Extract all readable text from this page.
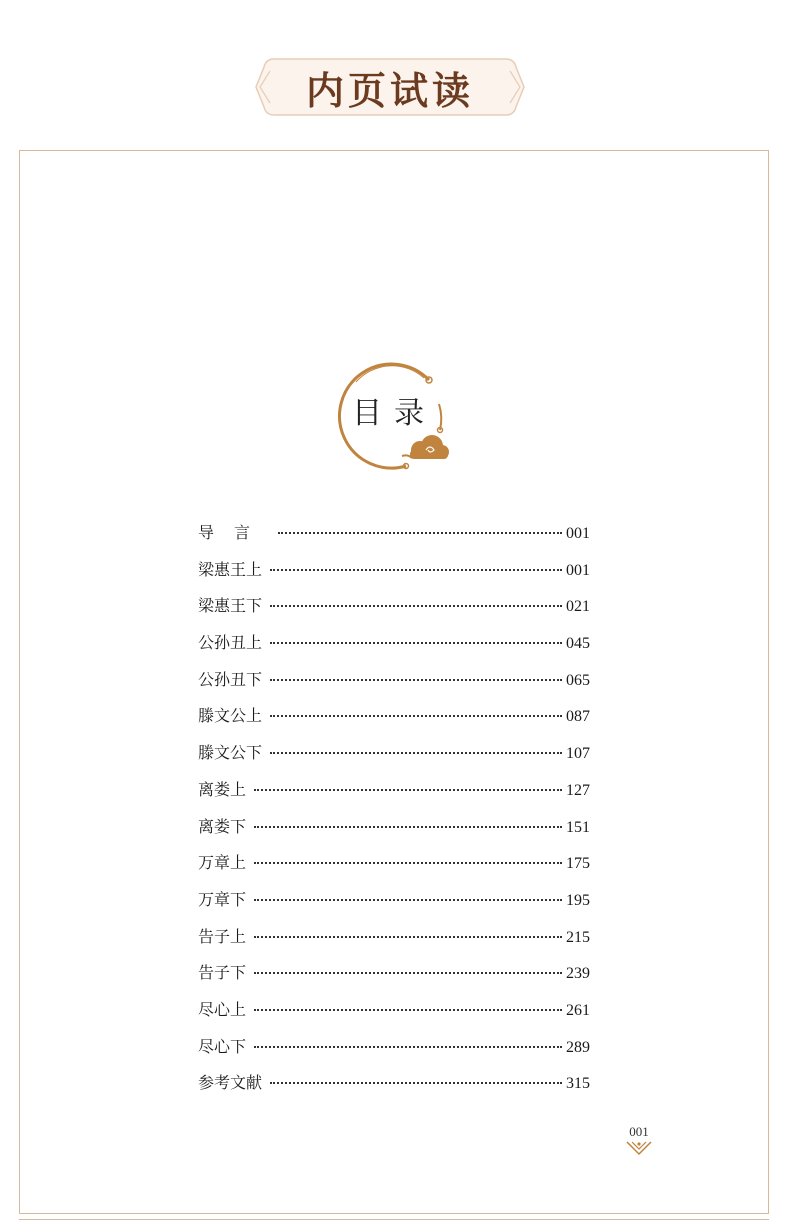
内页试读
目录
导言	001
梁惠王上	001
梁惠王下	021
公孙丑上	045
公孙丑下	065
滕文公上	087
滕文公下	107
离娄上	127
离娄下	151
万章上	175
万章下	195
告子上	215
告子下	239
尽心上	261
尽心下	289
参考文献	315
001
